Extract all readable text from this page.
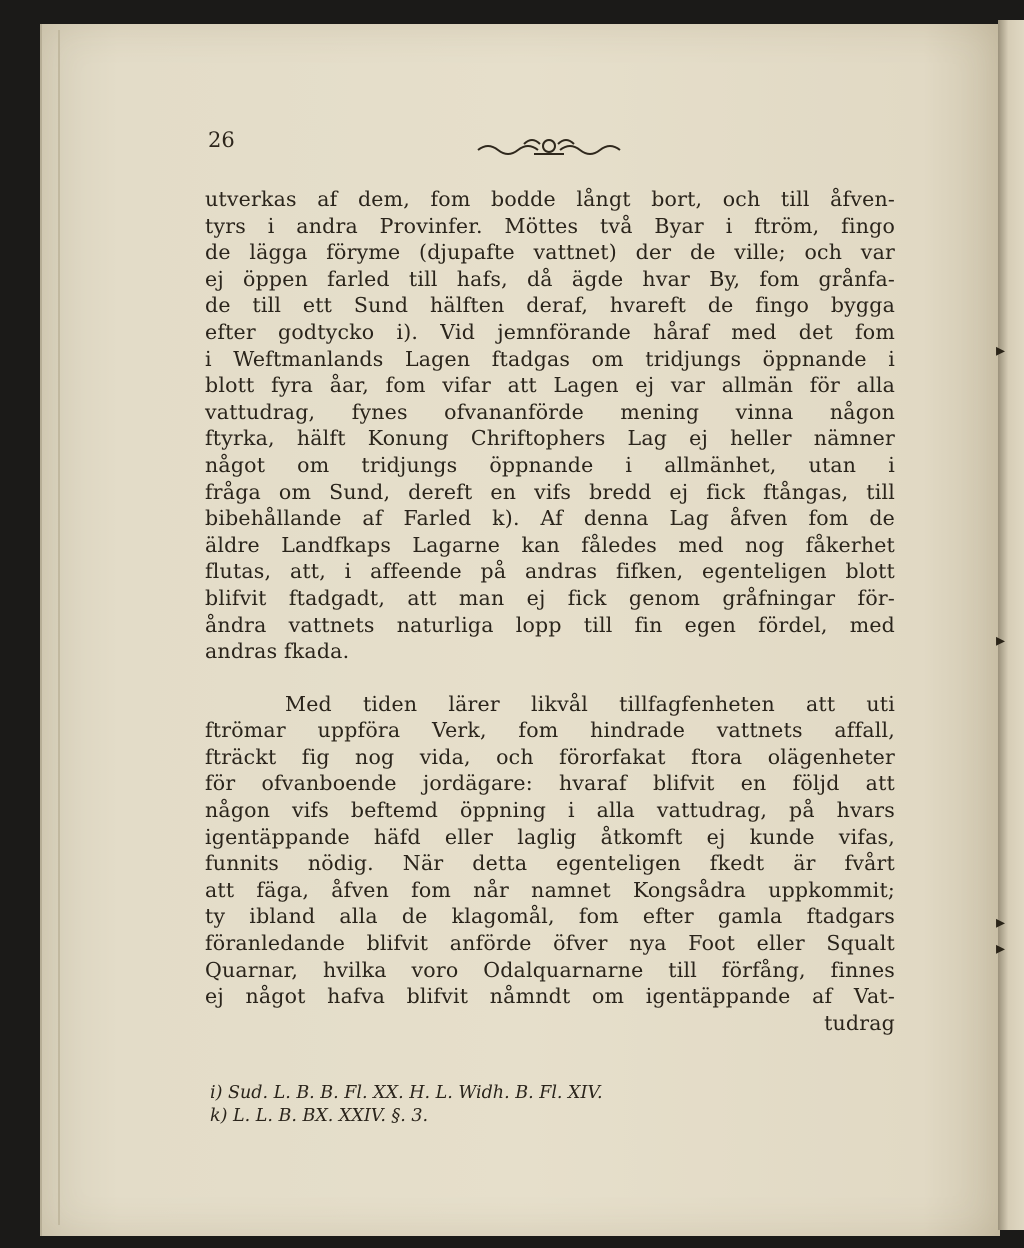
▸
▸
▸
▸
26
utverkas af dem, fom bodde långt bort, och till åfven-
tyrs i andra Provinfer. Möttes två Byar i ftröm, fingo
de lägga föryme (djupafte vattnet) der de ville; och var
ej öppen farled till hafs, då ägde hvar By, fom grånfa-
de till ett Sund hälften deraf, hvareft de fingo bygga
efter godtycko i). Vid jemnförande håraf med det fom
i Weftmanlands Lagen ftadgas om tridjungs öppnande i
blott fyra åar, fom vifar att Lagen ej var allmän för alla
vattudrag, fynes ofvananförde mening vinna någon
ftyrka, hälft Konung Chriftophers Lag ej heller nämner
något om tridjungs öppnande i allmänhet, utan i
fråga om Sund, dereft en vifs bredd ej fick ftångas, till
bibehållande af Farled k). Af denna Lag åfven fom de
äldre Landfkaps Lagarne kan fåledes med nog fåkerhet
flutas, att, i affeende på andras fifken, egenteligen blott
blifvit ftadgadt, att man ej fick genom gråfningar för-
åndra vattnets naturliga lopp till fin egen fördel, med
andras fkada.
Med tiden lärer likvål tillfagfenheten att uti
ftrömar uppföra Verk, fom hindrade vattnets affall,
fträckt fig nog vida, och förorfakat ftora olägenheter
för ofvanboende jordägare: hvaraf blifvit en följd att
någon vifs beftemd öppning i alla vattudrag, på hvars
igentäppande häfd eller laglig åtkomft ej kunde vifas,
funnits nödig. När detta egenteligen fkedt är fvårt
att fäga, åfven fom når namnet Kongsådra uppkommit;
ty ibland alla de klagomål, fom efter gamla ftadgars
föranledande blifvit anförde öfver nya Foot eller Squalt
Quarnar, hvilka voro Odalquarnarne till förfång, finnes
ej något hafva blifvit nåmndt om igentäppande af Vat-
tudrag
i) Sud. L. B. B. Fl. XX. H. L. Widh. B. Fl. XIV.
k) L. L. B. BX. XXIV. §. 3.
